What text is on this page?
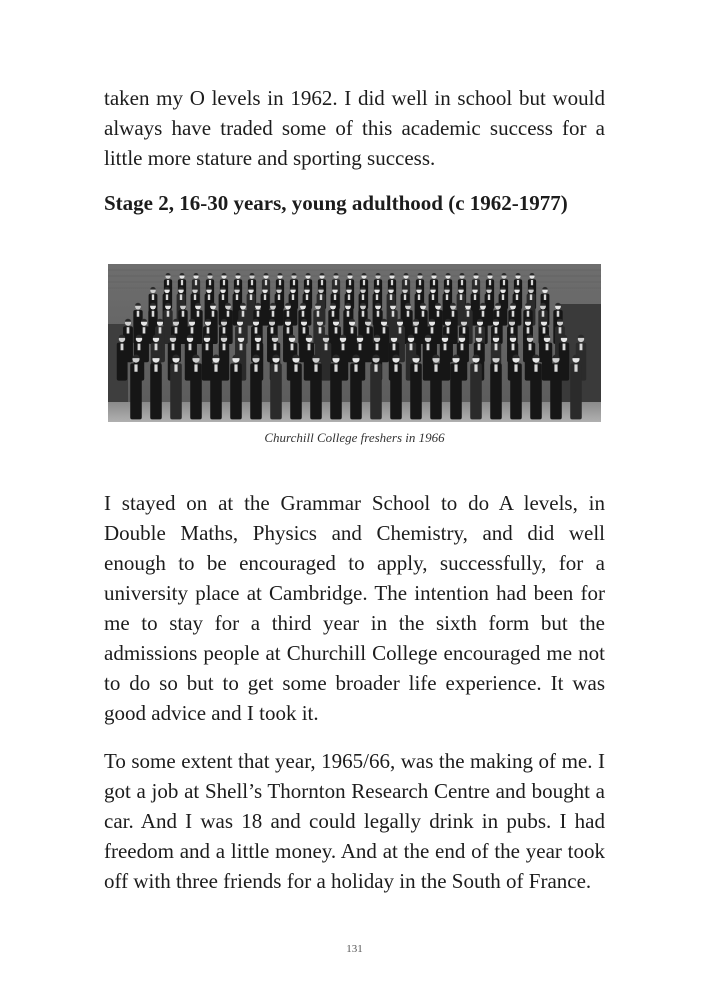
taken my O levels in 1962. I did well in school but would always have traded some of this academic success for a little more stature and sporting success.

Stage 2, 16-30 years, young adulthood (c 1962-1977)

Churchill College freshers in 1966

I stayed on at the Grammar School to do A levels, in Double Maths, Physics and Chemistry, and did well enough to be encouraged to apply, successfully, for a university place at Cambridge. The intention had been for me to stay for a third year in the sixth form but the admissions people at Churchill College encouraged me not to do so but to get some broader life experience. It was good advice and I took it.

To some extent that year, 1965/66, was the making of me. I got a job at Shell’s Thornton Research Centre and bought a car. And I was 18 and could legally drink in pubs. I had freedom and a little money. And at the end of the year took off with three friends for a holiday in the South of France.

131
